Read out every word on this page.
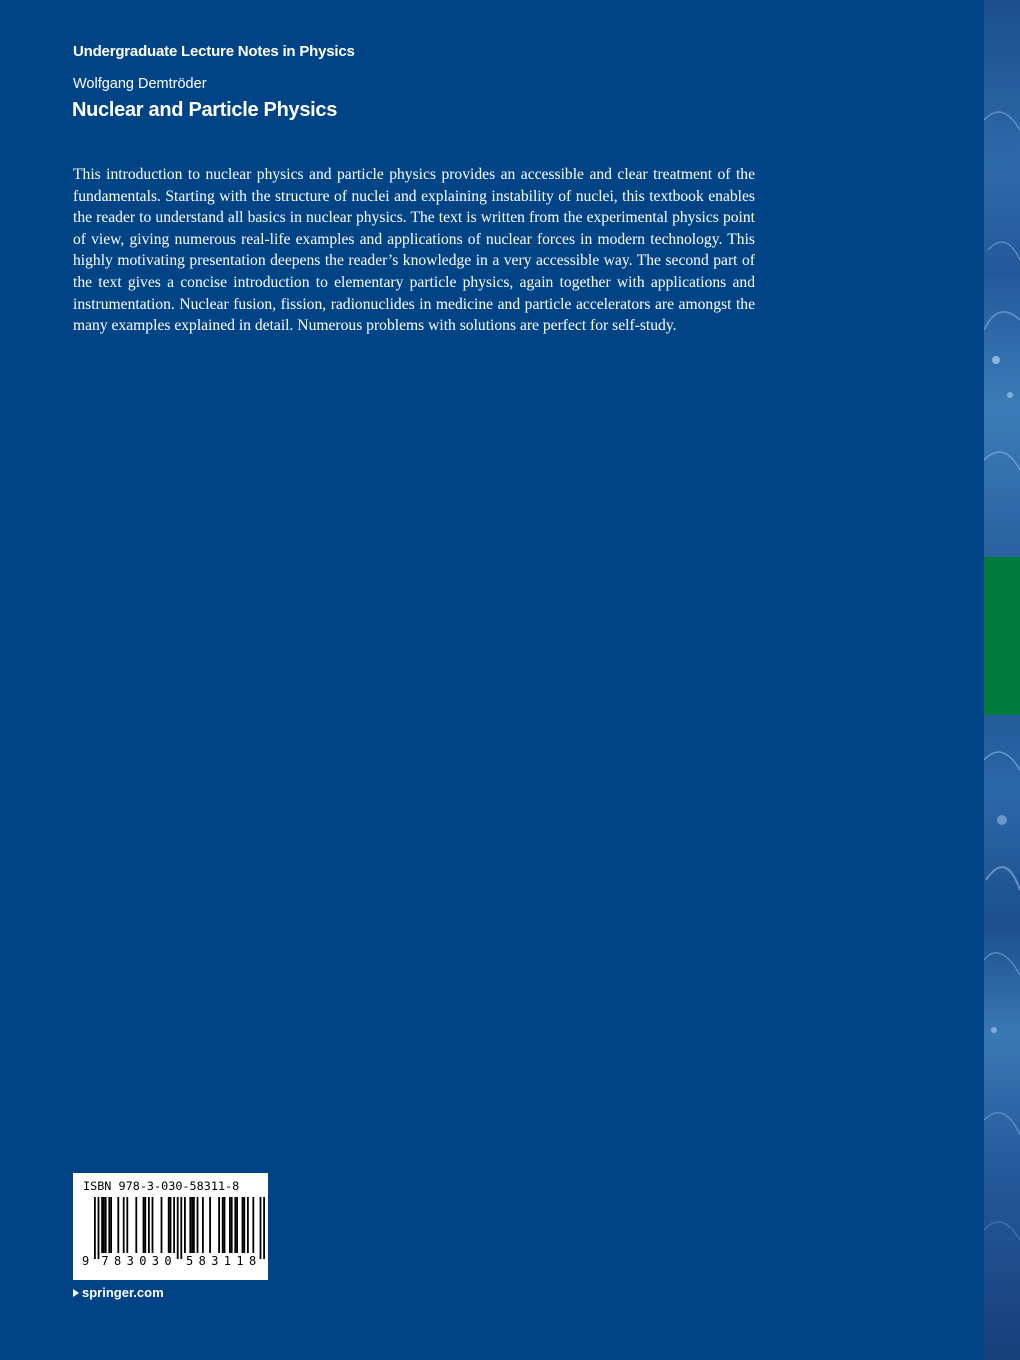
Undergraduate Lecture Notes in Physics
Wolfgang Demtröder
Nuclear and Particle Physics

This introduction to nuclear physics and particle physics provides an accessible and clear treatment of the fundamentals. Starting with the structure of nuclei and explaining instability of nuclei, this textbook enables the reader to understand all basics in nuclear physics. The text is written from the experimental physics point of view, giving numerous real-life examples and applications of nuclear forces in modern technology. This highly motivating presentation deepens the reader’s knowledge in a very accessible way. The second part of the text gives a concise introduction to elementary particle physics, again together with applications and instrumentation. Nuclear fusion, fission, radionuclides in medicine and particle accelerators are amongst the many examples explained in detail. Numerous problems with solutions are perfect for self-study.

ISBN 978-3-030-58311-8
9 7 8 3 0 3 0 5 8 3 1 1 8
springer.com
